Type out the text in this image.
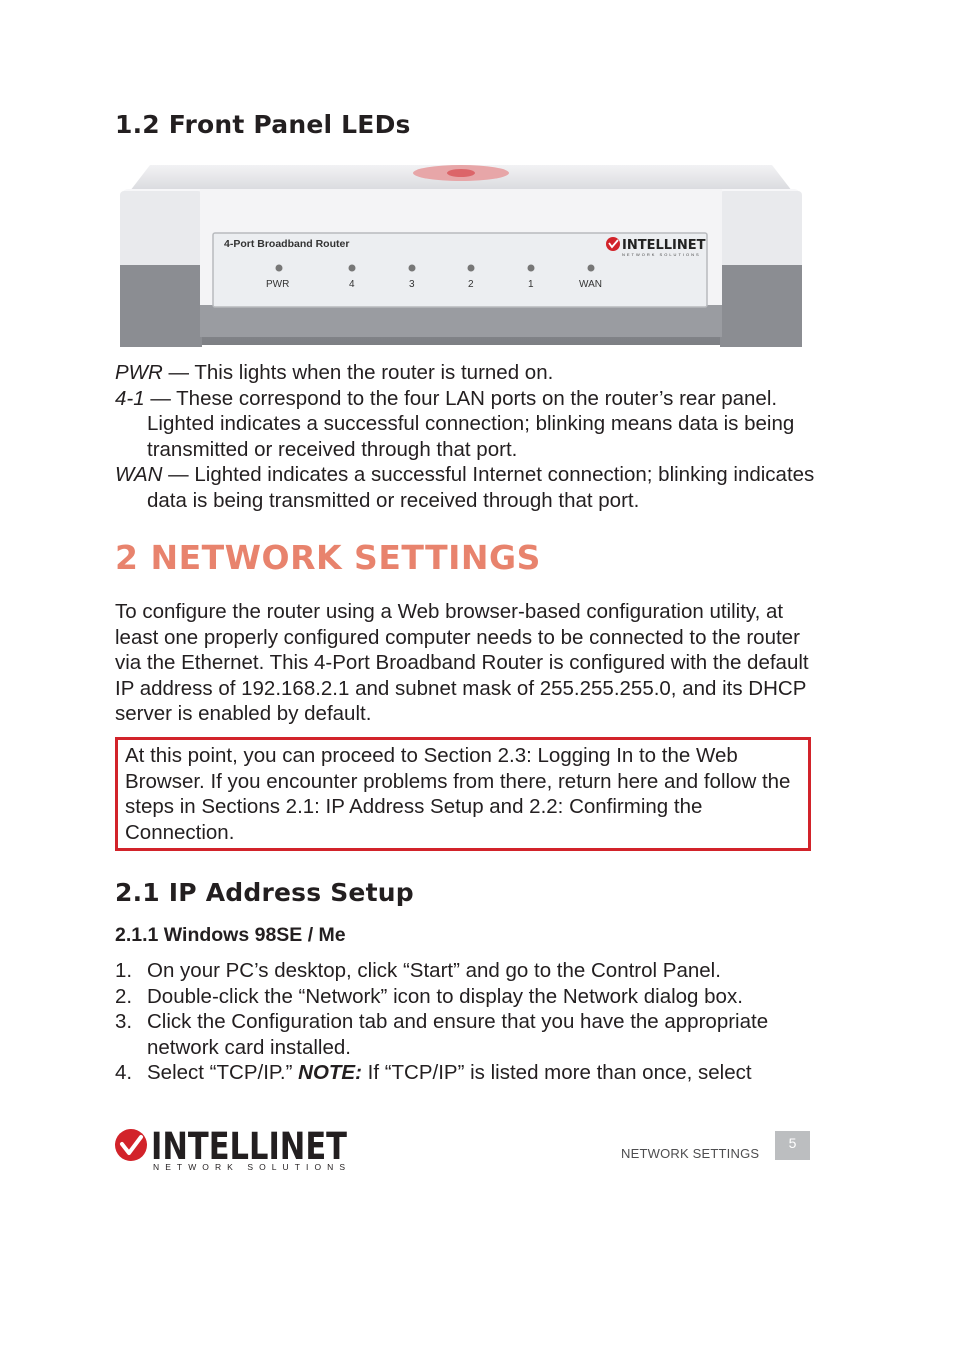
1.2 Front Panel LEDs
4-Port Broadband Router	INTELLINET
NETWORK SOLUTIONS
PWR	4	3	2	1	WAN

PWR — This lights when the router is turned on.

4-1 — These correspond to the four LAN ports on the router’s rear panel. Lighted indicates a successful connection; blinking means data is being transmitted or received through that port.

WAN — Lighted indicates a successful Internet connection; blinking indicates data is being transmitted or received through that port.

2 NETWORK SETTINGS

To configure the router using a Web browser-based configuration utility, at least one properly configured computer needs to be connected to the router via the Ethernet. This 4-Port Broadband Router is configured with the default IP address of 192.168.2.1 and subnet mask of 255.255.255.0, and its DHCP server is enabled by default.

At this point, you can proceed to Section 2.3: Logging In to the Web Browser. If you encounter problems from there, return here and follow the steps in Sections 2.1: IP Address Setup and 2.2: Confirming the Connection.

2.1 IP Address Setup
2.1.1 Windows 98SE / Me
1. On your PC’s desktop, click “Start” and go to the Control Panel.
2. Double-click the “Network” icon to display the Network dialog box.
3. Click the Configuration tab and ensure that you have the appropriate network card installed.
4. Select “TCP/IP.” NOTE: If “TCP/IP” is listed more than once, select
INTELLINET
NETWORK SOLUTIONS
NETWORK SETTINGS
5
